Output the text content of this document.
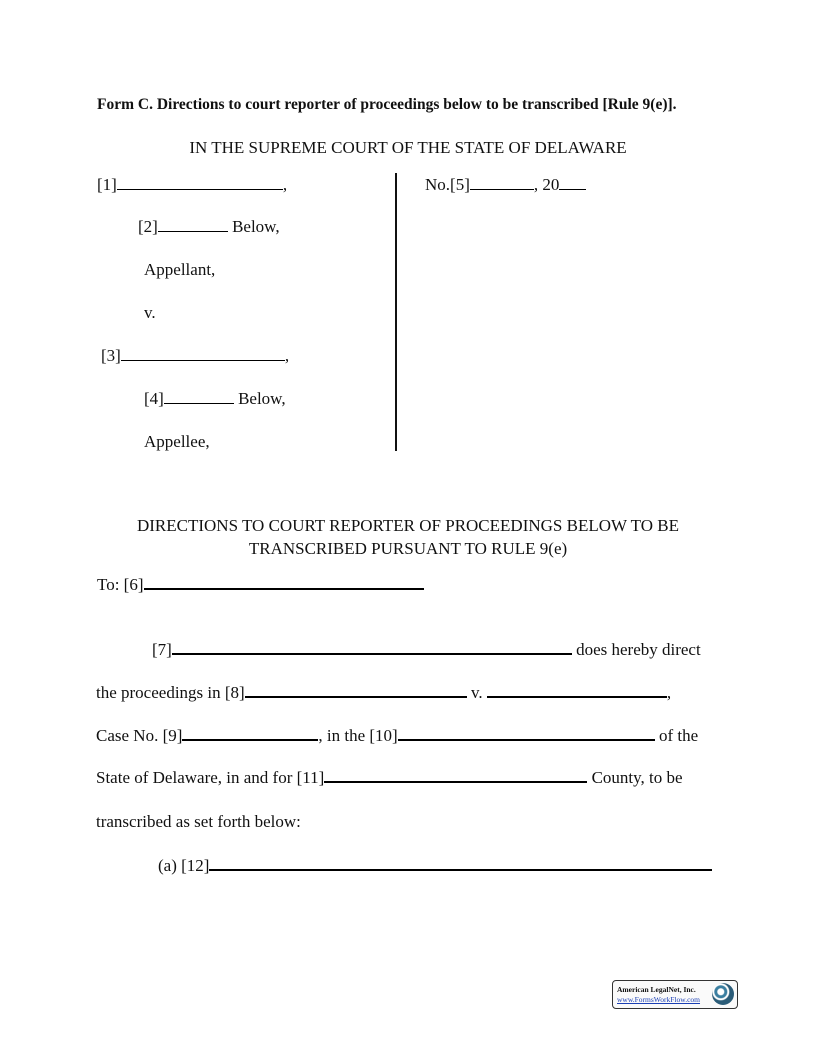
Form C. Directions to court reporter of proceedings below to be transcribed [Rule 9(e)].
IN THE SUPREME COURT OF THE STATE OF DELAWARE
[1]	,
[2]	Below,
Appellant,
v.
[3]	,
[4]	Below,
Appellee,
No.[5]	, 20
DIRECTIONS TO COURT REPORTER OF PROCEEDINGS BELOW TO BE
TRANSCRIBED PURSUANT TO RULE 9(e)
To: [6]
[7]	does hereby direct
the proceedings in [8]	v.	,
Case No. [9]	, in the [10]	of the
State of Delaware, in and for [11]	County, to be
transcribed as set forth below:
(a) [12]
American LegalNet, Inc.
www.FormsWorkFlow.com
